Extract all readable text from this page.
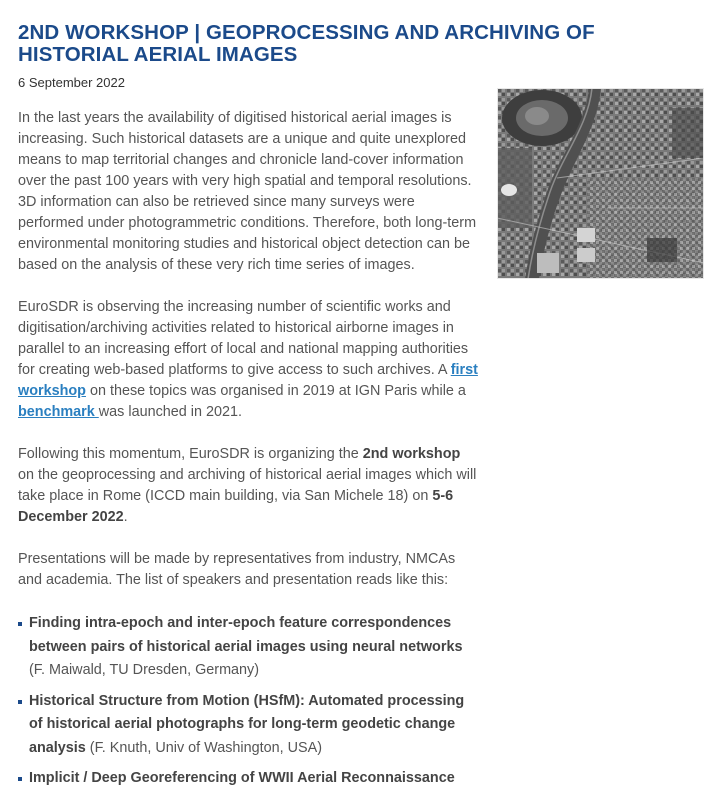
2ND WORKSHOP | GEOPROCESSING AND ARCHIVING OF HISTORIAL AERIAL IMAGES
6 September 2022

In the last years the availability of digitised historical aerial images is increasing. Such historical datasets are a unique and quite unexplored means to map territorial changes and chronicle land-cover information over the past 100 years with very high spatial and temporal resolutions. 3D information can also be retrieved since many surveys were performed under photogrammetric conditions. Therefore, both long-term environmental monitoring studies and historical object detection can be based on the analysis of these very rich time series of images.

EuroSDR is observing the increasing number of scientific works and digitisation/archiving activities related to historical airborne images in parallel to an increasing effort of local and national mapping authorities for creating web-based platforms to give access to such archives. A first workshop on these topics was organised in 2019 at IGN Paris while a benchmark was launched in 2021.

Following this momentum, EuroSDR is organizing the 2nd workshop on the geoprocessing and archiving of historical aerial images which will take place in Rome (ICCD main building, via San Michele 18) on 5-6 December 2022.

Presentations will be made by representatives from industry, NMCAs and academia. The list of speakers and presentation reads like this:

Finding intra-epoch and inter-epoch feature correspondences between pairs of historical aerial images using neural networks (F. Maiwald, TU Dresden, Germany)
Historical Structure from Motion (HSfM): Automated processing of historical aerial photographs for long-term geodetic change analysis (F. Knuth, Univ of Washington, USA)
Implicit / Deep Georeferencing of WWII Aerial Reconnaissance
